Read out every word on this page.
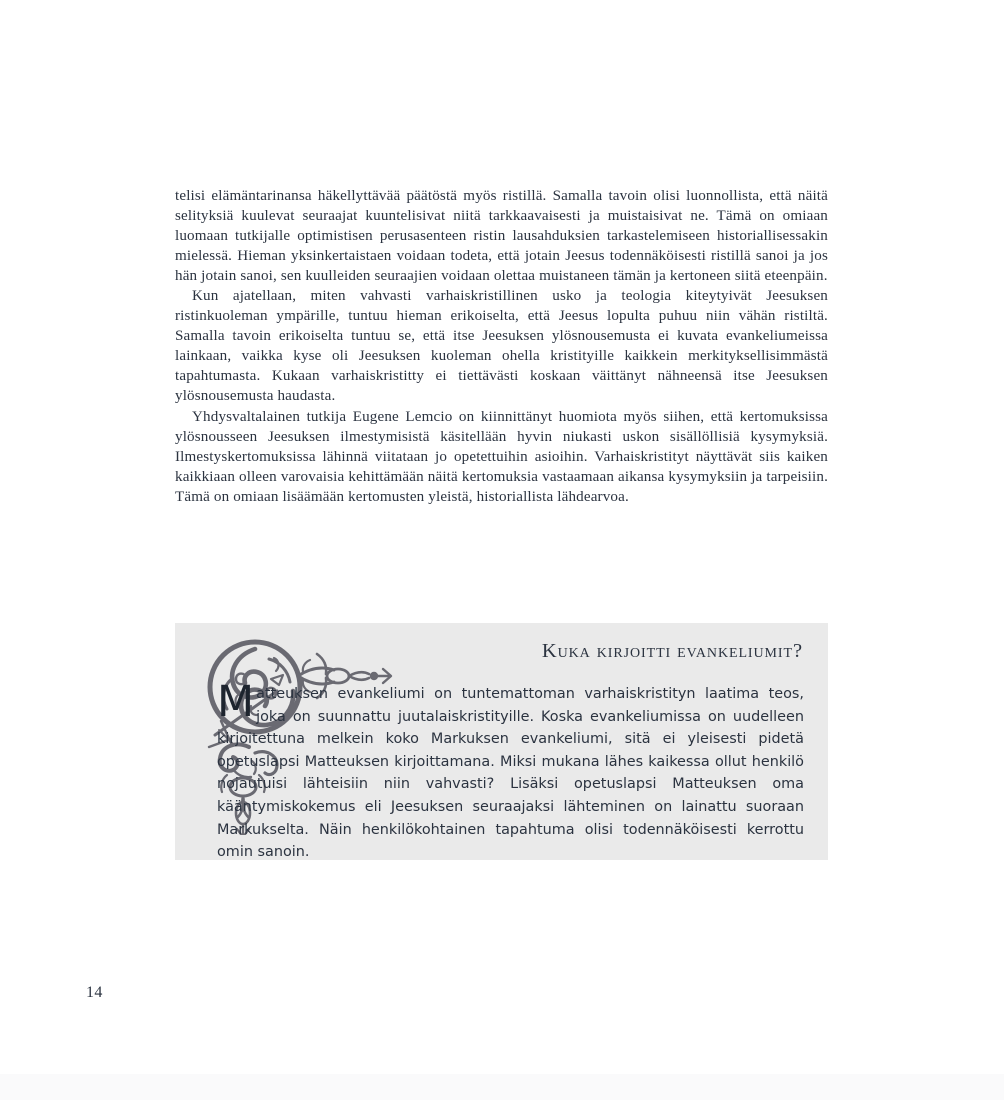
telisi elämäntarinansa häkellyttävää päätöstä myös ristillä. Samalla tavoin olisi luonnollista, että näitä selityksiä kuulevat seuraajat kuuntelisivat niitä tarkkaavaisesti ja muistaisivat ne. Tämä on omiaan luomaan tutkijalle optimistisen perusasenteen ristin lausahduksien tarkastelemiseen historiallisessakin mielessä. Hieman yksinkertaistaen voidaan todeta, että jotain Jeesus todennäköisesti ristillä sanoi ja jos hän jotain sanoi, sen kuulleiden seuraajien voidaan olettaa muistaneen tämän ja kertoneen siitä eteenpäin.

Kun ajatellaan, miten vahvasti varhaiskristillinen usko ja teologia kiteytyivät Jeesuksen ristinkuoleman ympärille, tuntuu hieman erikoiselta, että Jeesus lopulta puhuu niin vähän ristiltä. Samalla tavoin erikoiselta tuntuu se, että itse Jeesuksen ylösnousemusta ei kuvata evankeliumeissa lainkaan, vaikka kyse oli Jeesuksen kuoleman ohella kristityille kaikkein merkityksellisimmästä tapahtumasta. Kukaan varhaiskristitty ei tiettävästi koskaan väittänyt nähneensä itse Jeesuksen ylösnousemusta haudasta.

Yhdysvaltalainen tutkija Eugene Lemcio on kiinnittänyt huomiota myös siihen, että kertomuksissa ylösnousseen Jeesuksen ilmestymisistä käsitellään hyvin niukasti uskon sisällöllisiä kysymyksiä. Ilmestyskertomuksissa lähinnä viitataan jo opetettuihin asioihin. Varhaiskristityt näyttävät siis kaiken kaikkiaan olleen varovaisia kehittämään näitä kertomuksia vastaamaan aikansa kysymyksiin ja tarpeisiin. Tämä on omiaan lisäämään kertomusten yleistä, historiallista lähdearvoa.

Kuka kirjoitti evankeliumit?
Matteuksen evankeliumi on tuntemattoman varhaiskristityn laatima teos, joka on suunnattu juutalaiskristityille. Koska evankeliumissa on uudelleen kirjoitettuna melkein koko Markuksen evankeliumi, sitä ei yleisesti pidetä opetuslapsi Matteuksen kirjoittamana. Miksi mukana lähes kaikessa ollut henkilö nojautuisi lähteisiin niin vahvasti? Lisäksi opetuslapsi Matteuksen oma kääntymiskokemus eli Jeesuksen seuraajaksi lähteminen on lainattu suoraan Markukselta. Näin henkilökohtainen tapahtuma olisi todennäköisesti kerrottu omin sanoin.
14
